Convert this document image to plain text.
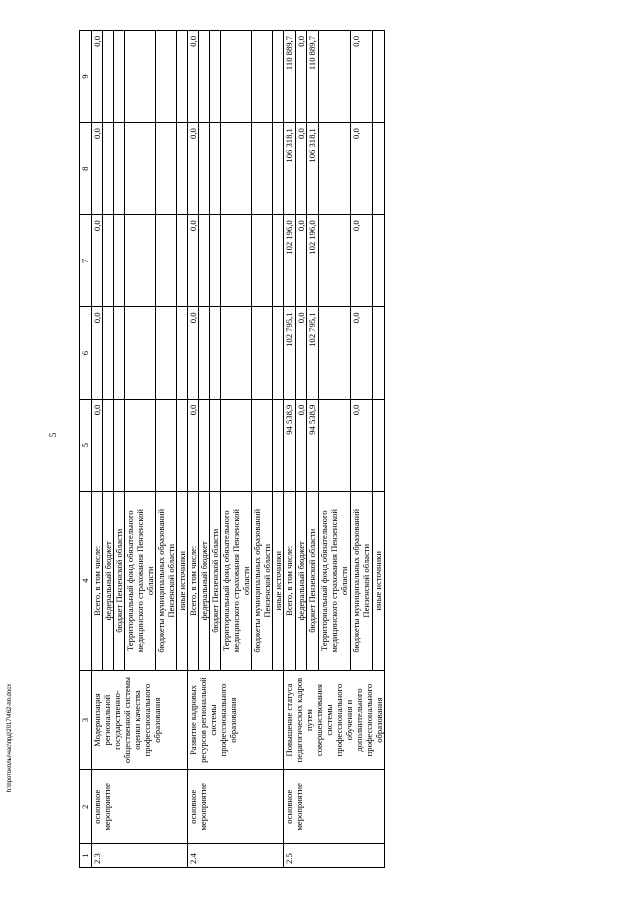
5
1	2	3	4	5	6	7	8	9
2.3	основное мероприятие	Модернизация региональной государственно-общественной системы оценки качества профессионального образования	Всего, в том числе:	0,0	0,0	0,0	0,0	0,0
			федеральный бюджет					
			бюджет Пензенской области					
			Территориальный фонд обязательного медицинского страхования Пензенской области					
			бюджеты муниципальных образований Пензенской области					
			иные источники					
2.4	основное мероприятие	Развитие кадровых ресурсов региональной системы профессионального образования	Всего, в том числе:	0,0	0,0	0,0	0,0	0,0
			федеральный бюджет					
			бюджет Пензенской области					
			Территориальный фонд обязательного медицинского страхования Пензенской области					
			бюджеты муниципальных образований Пензенской области					
			иные источники					
2.5	основное мероприятие	Повышение статуса педагогических кадров путем совершенствования системы профессионального обучения и дополнительного профессионального образования	Всего, в том числе:	94 538,9	102 795,1	102 196,0	106 318,1	110 889,7
			федеральный бюджет	0,0	0,0	0,0	0,0	0,0
			бюджет Пензенской области	94 538,9	102 795,1	102 196,0	106 318,1	110 889,7
			Территориальный фонд обязательного медицинского страхования Пензенской области					
			бюджеты муниципальных образований Пензенской области	0,0	0,0	0,0	0,0	0,0
			иные источники					
h:\протоколы\час\прд\2017\462-пп.docx
